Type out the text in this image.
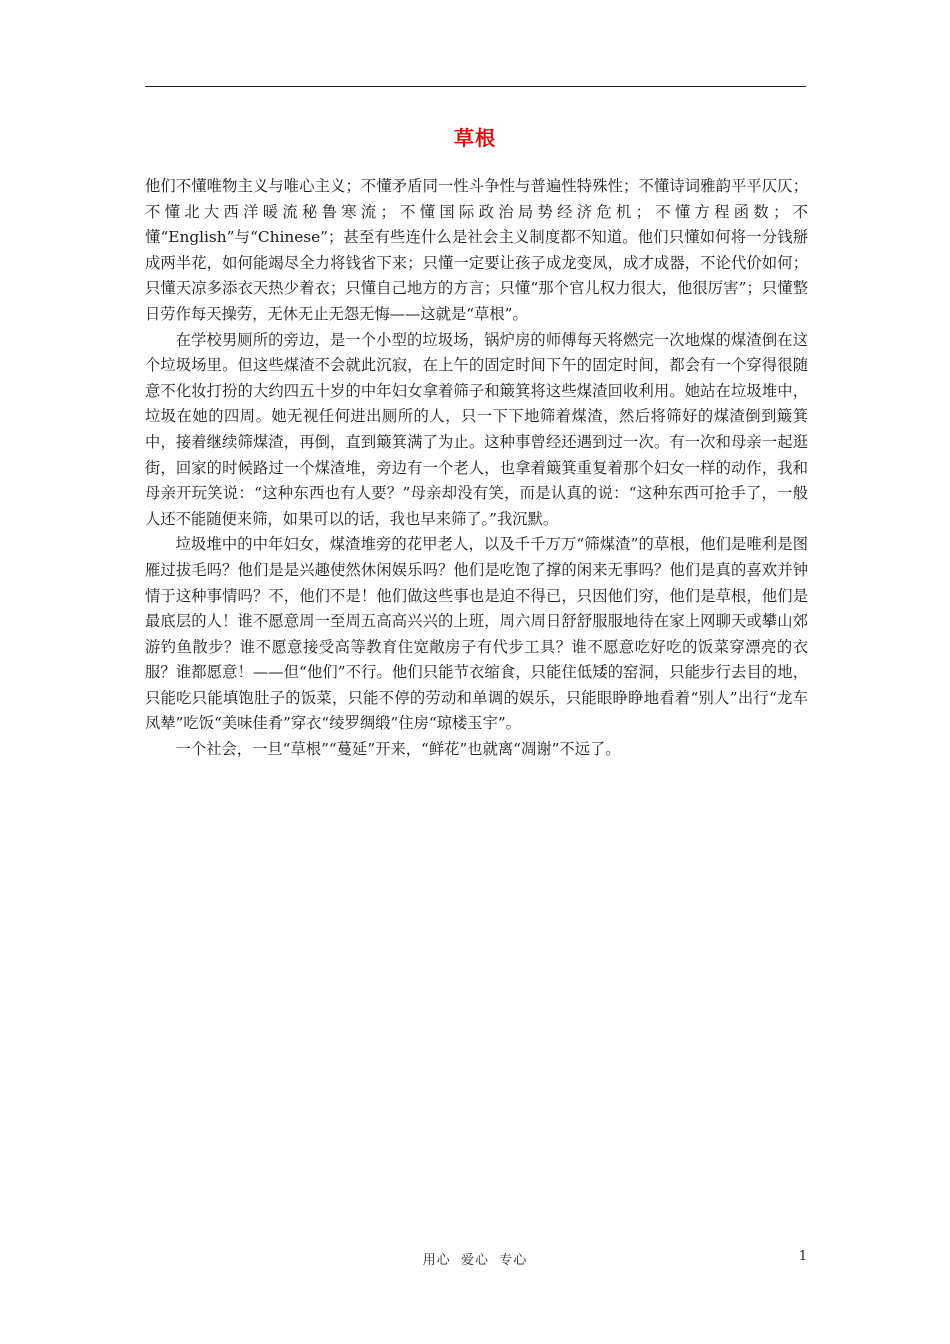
草根

他们不懂唯物主义与唯心主义；不懂矛盾同一性斗争性与普遍性特殊性；不懂诗词雅韵平平仄仄；不懂北大西洋暖流秘鲁寒流；不懂国际政治局势经济危机；不懂方程函数；不懂“English”与“Chinese”；甚至有些连什么是社会主义制度都不知道。他们只懂如何将一分钱掰成两半花，如何能竭尽全力将钱省下来；只懂一定要让孩子成龙变凤，成才成器，不论代价如何；只懂天凉多添衣天热少着衣；只懂自己地方的方言；只懂“那个官儿权力很大，他很厉害”；只懂整日劳作每天操劳，无休无止无怨无悔——这就是“草根”。

在学校男厕所的旁边，是一个小型的垃圾场，锅炉房的师傅每天将燃完一次地煤的煤渣倒在这个垃圾场里。但这些煤渣不会就此沉寂，在上午的固定时间下午的固定时间，都会有一个穿得很随意不化妆打扮的大约四五十岁的中年妇女拿着筛子和簸箕将这些煤渣回收利用。她站在垃圾堆中，垃圾在她的四周。她无视任何进出厕所的人，只一下下地筛着煤渣，然后将筛好的煤渣倒到簸箕中，接着继续筛煤渣，再倒，直到簸箕满了为止。这种事曾经还遇到过一次。有一次和母亲一起逛街，回家的时候路过一个煤渣堆，旁边有一个老人，也拿着簸箕重复着那个妇女一样的动作，我和母亲开玩笑说：“这种东西也有人要？”母亲却没有笑，而是认真的说：“这种东西可抢手了，一般人还不能随便来筛，如果可以的话，我也早来筛了。”我沉默。

垃圾堆中的中年妇女，煤渣堆旁的花甲老人，以及千千万万“筛煤渣”的草根，他们是唯利是图雁过拔毛吗？他们是是兴趣使然休闲娱乐吗？他们是吃饱了撑的闲来无事吗？他们是真的喜欢并钟情于这种事情吗？不，他们不是！他们做这些事也是迫不得已，只因他们穷，他们是草根，他们是最底层的人！谁不愿意周一至周五高高兴兴的上班，周六周日舒舒服服地待在家上网聊天或攀山郊游钓鱼散步？谁不愿意接受高等教育住宽敞房子有代步工具？谁不愿意吃好吃的饭菜穿漂亮的衣服？谁都愿意！——但“他们”不行。他们只能节衣缩食，只能住低矮的窑洞，只能步行去目的地，只能吃只能填饱肚子的饭菜，只能不停的劳动和单调的娱乐，只能眼睁睁地看着“别人”出行“龙车凤辇”吃饭“美味佳肴”穿衣“绫罗绸缎”住房“琼楼玉宇”。

一个社会，一旦“草根”“蔓延”开来，“鲜花”也就离“凋谢”不远了。

用心  爱心  专心	1
